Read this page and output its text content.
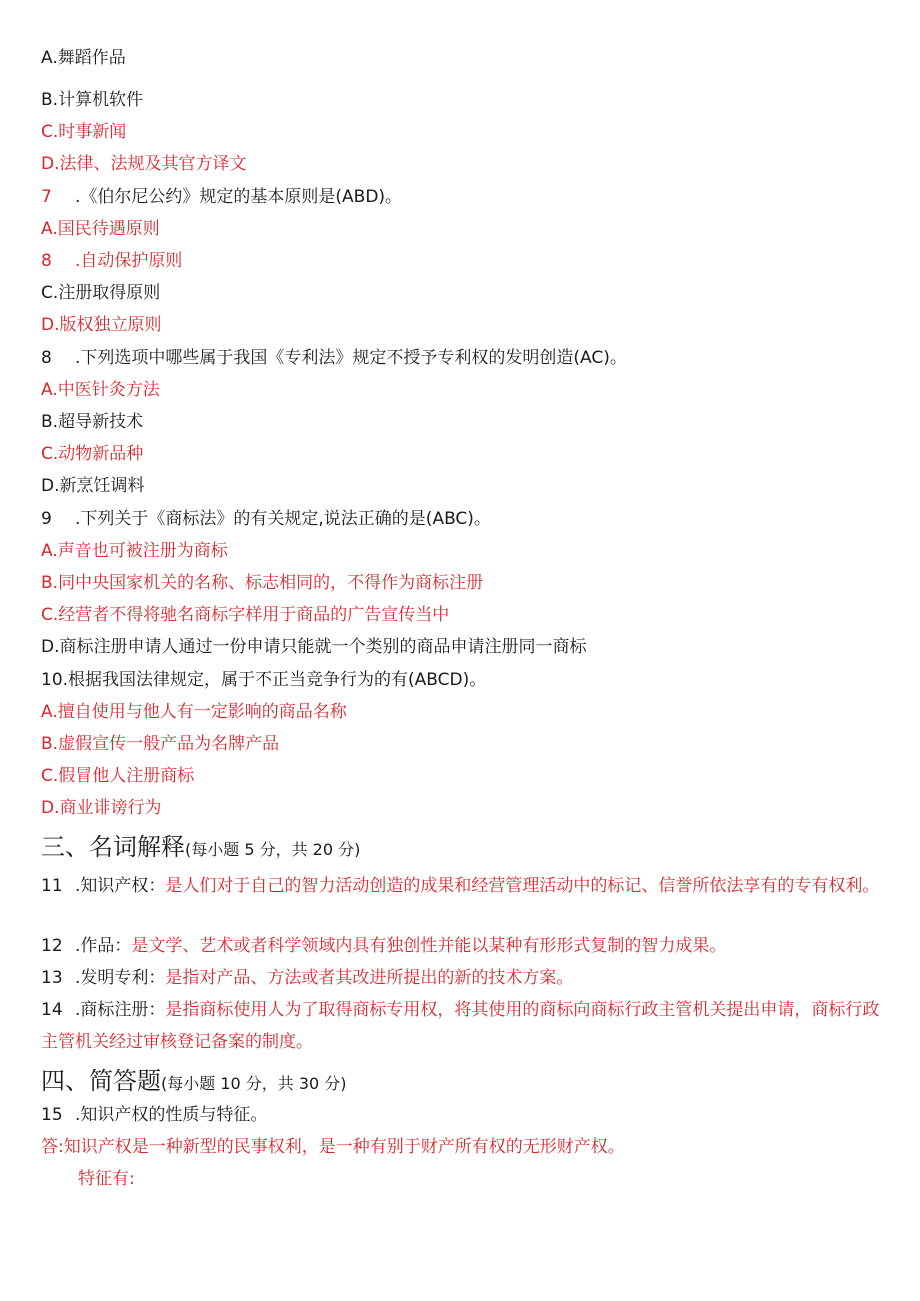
A.舞蹈作品
B.计算机软件
C.时事新闻
D.法律、法规及其官方译文
7 .《伯尔尼公约》规定的基本原则是(ABD)。
A.国民待遇原则
8 .自动保护原则
C.注册取得原则
D.版权独立原则
8 .下列选项中哪些属于我国《专利法》规定不授予专利权的发明创造(AC)。
A.中医针灸方法
B.超导新技术
C.动物新品种
D.新烹饪调料
9 .下列关于《商标法》的有关规定,说法正确的是(ABC)。
A.声音也可被注册为商标
B.同中央国家机关的名称、标志相同的，不得作为商标注册
C.经营者不得将驰名商标字样用于商品的广告宣传当中
D.商标注册申请人通过一份申请只能就一个类别的商品申请注册同一商标
10.根据我国法律规定，属于不正当竞争行为的有(ABCD)。
A.擅自使用与他人有一定影响的商品名称
B.虚假宣传一般产品为名牌产品
C.假冒他人注册商标
D.商业诽谤行为
三、名词解释(每小题 5 分，共 20 分)
11 .知识产权：是人们对于自己的智力活动创造的成果和经营管理活动中的标记、信誉所依法享有的专有权利。
12 .作品：是文学、艺术或者科学领域内具有独创性并能以某种有形形式复制的智力成果。
13 .发明专利：是指对产品、方法或者其改进所提出的新的技术方案。
14 .商标注册：是指商标使用人为了取得商标专用权，将其使用的商标向商标行政主管机关提出申请，商标行政主管机关经过审核登记备案的制度。
四、简答题(每小题 10 分，共 30 分)
15 .知识产权的性质与特征。
答:知识产权是一种新型的民事权利，是一种有别于财产所有权的无形财产权。
特征有:
